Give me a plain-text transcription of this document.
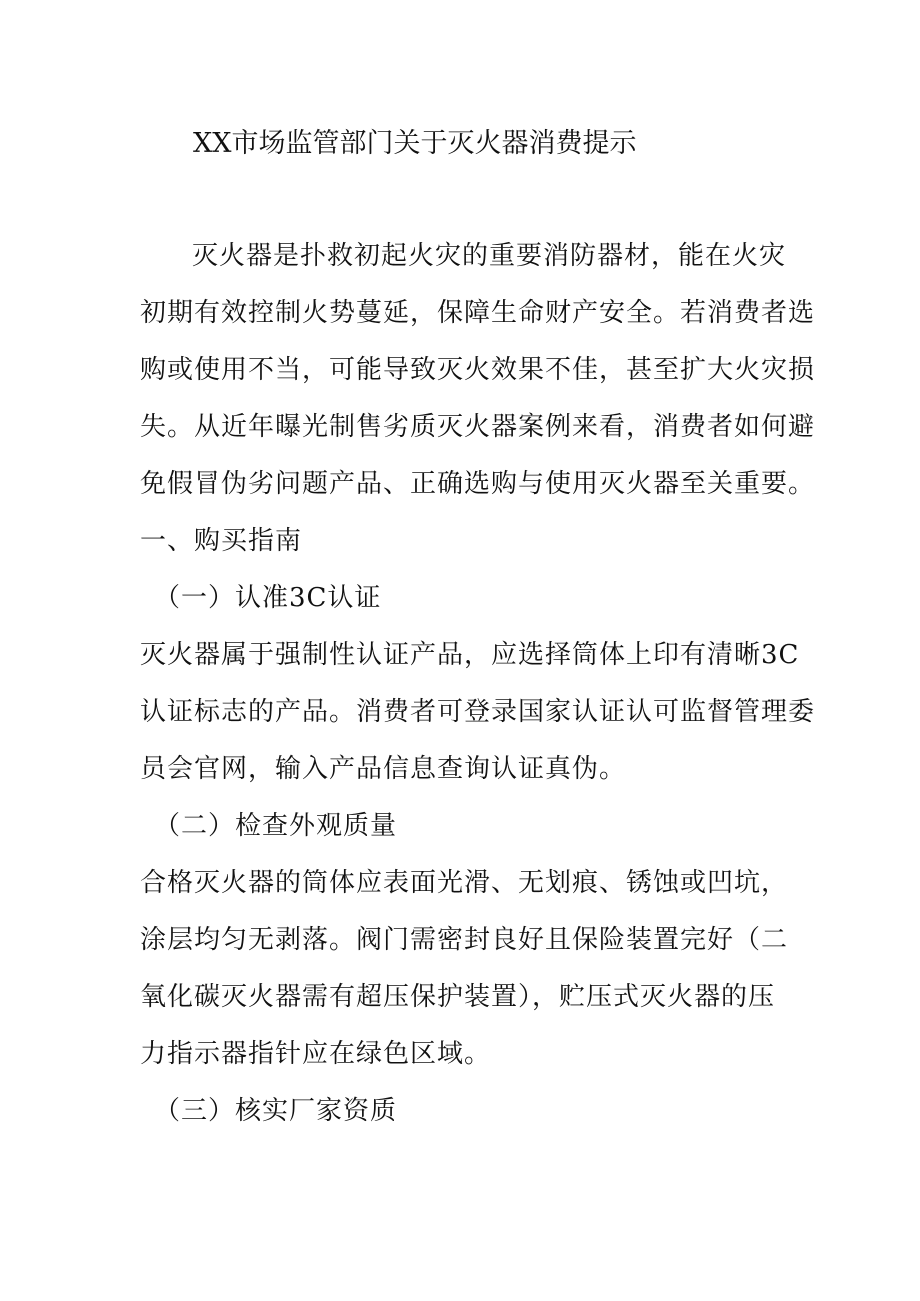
XX市场监管部门关于灭火器消费提示
灭火器是扑救初起火灾的重要消防器材，能在火灾
初期有效控制火势蔓延，保障生命财产安全。若消费者选
购或使用不当，可能导致灭火效果不佳，甚至扩大火灾损
失。从近年曝光制售劣质灭火器案例来看，消费者如何避
免假冒伪劣问题产品、正确选购与使用灭火器至关重要。
一、购买指南
（一）认准3C认证
灭火器属于强制性认证产品，应选择筒体上印有清晰3C
认证标志的产品。消费者可登录国家认证认可监督管理委
员会官网，输入产品信息查询认证真伪。
（二）检查外观质量
合格灭火器的筒体应表面光滑、无划痕、锈蚀或凹坑，
涂层均匀无剥落。阀门需密封良好且保险装置完好（二
氧化碳灭火器需有超压保护装置），贮压式灭火器的压
力指示器指针应在绿色区域。
（三）核实厂家资质
